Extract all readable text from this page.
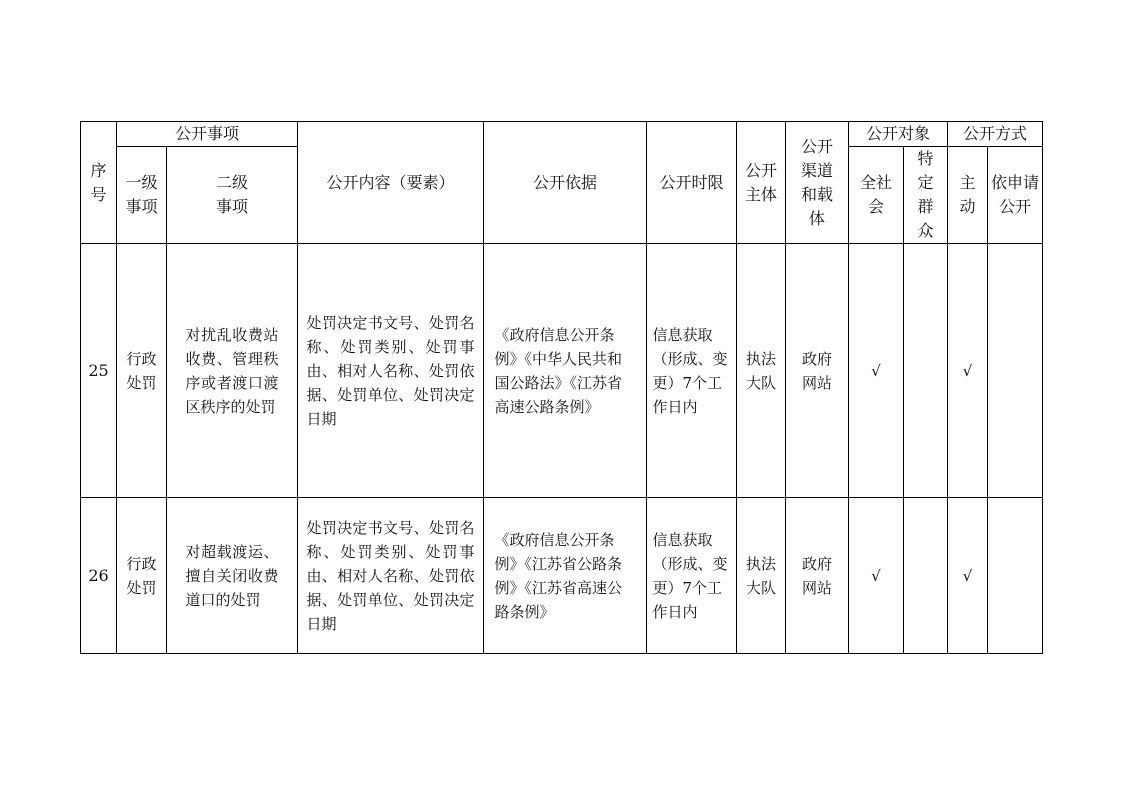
序号	公开事项		公开内容（要素）	公开依据	公开时限	公开主体	公开渠道和载体	公开对象		公开方式	

	一级事项	二级事项						全社会	特定群众	主动	依申请公开

25	行政处罚	对扰乱收费站收费、管理秩序或者渡口渡区秩序的处罚	处罚决定书文号、处罚名称、处罚类别、处罚事由、相对人名称、处罚依据、处罚单位、处罚决定日期	《政府信息公开条例》《中华人民共和国公路法》《江苏省高速公路条例》	信息获取（形成、变更）7个工作日内	执法大队	政府网站	√		√	
26	行政处罚	对超载渡运、擅自关闭收费道口的处罚	处罚决定书文号、处罚名称、处罚类别、处罚事由、相对人名称、处罚依据、处罚单位、处罚决定日期	《政府信息公开条例》《江苏省公路条例》《江苏省高速公路条例》	信息获取（形成、变更）7个工作日内	执法大队	政府网站	√		√	
